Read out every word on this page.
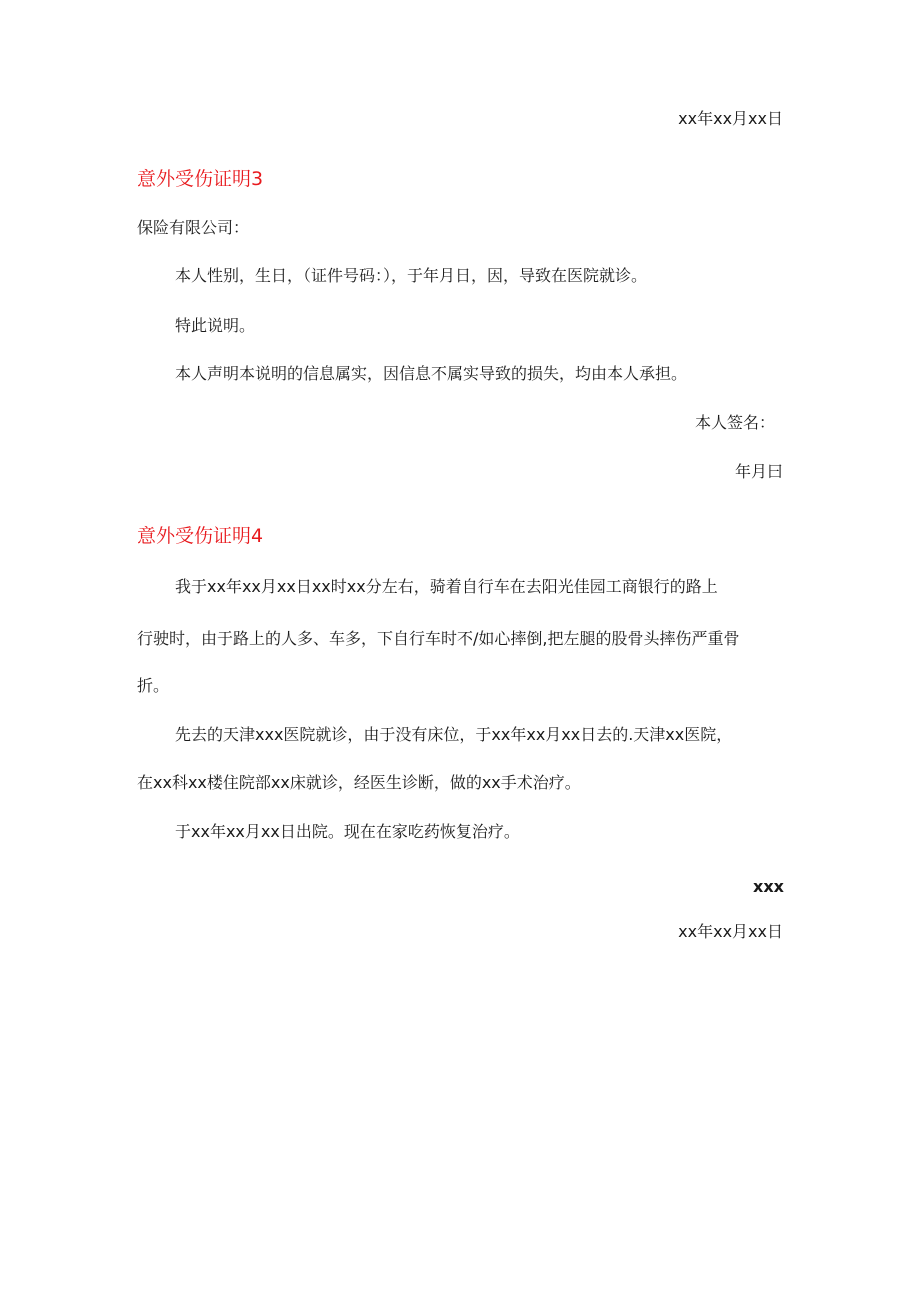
xx年xx月xx日
意外受伤证明3
保险有限公司：
本人性别，生日，（证件号码：），于年月日，因，导致在医院就诊。
特此说明。
本人声明本说明的信息属实，因信息不属实导致的损失，均由本人承担。
本人签名：
年月曰
意外受伤证明4
我于xx年xx月xx日xx时xx分左右，骑着自行车在去阳光佳园工商银行的路上
行驶时，由于路上的人多、车多，下自行车时不/如心摔倒,把左腿的股骨头摔伤严重骨
折。
先去的天津xxx医院就诊，由于没有床位，于xx年xx月xx日去的.天津xx医院，
在xx科xx楼住院部xx床就诊，经医生诊断，做的xx手术治疗。
于xx年xx月xx日出院。现在在家吃药恢复治疗。
xxx
xx年xx月xx日
